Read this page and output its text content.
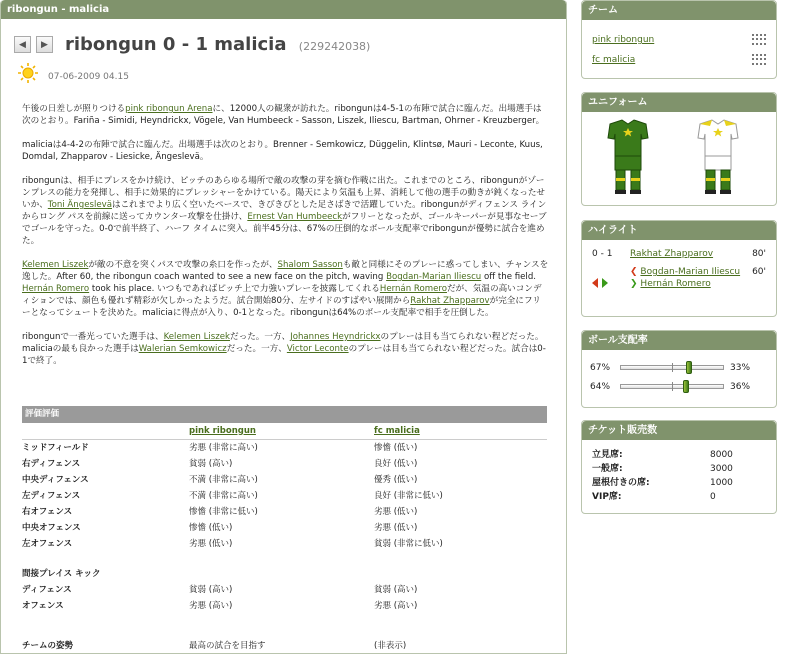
ribongun - malicia
◀ ▶ ribongun 0 - 1 malicia (229242038)
07-06-2009 04.15

午後の日差しが照りつけるpink ribongun Arenaに、12000人の観衆が訪れた。ribongunは4-5-1の布陣で試合に臨んだ。出場選手は次のとおり。Fariña - Simidi, Heyndrickx, Vögele, Van Humbeeck - Sasson, Liszek, Iliescu, Bartman, Ohrner - Kreuzberger。

maliciaは4-4-2の布陣で試合に臨んだ。出場選手は次のとおり。Brenner - Semkowicz, Düggelin, Klintsø, Mauri - Leconte, Kuus, Domdal, Zhapparov - Liesicke, Ängeslevä。

ribongunは、相手にプレスをかけ続け、ピッチのあらゆる場所で敵の攻撃の芽を摘む作戦に出た。これまでのところ、ribongunがゾーンプレスの能力を発揮し、相手に効果的にプレッシャーをかけている。陽天により気温も上昇、消耗して他の選手の動きが鈍くなったせいか、Toni Ängesleväはこれまでより広く空いたペースで、きびきびとした足さばきで活躍していた。ribongunがディフェンス ラインからロング パスを前線に送ってカウンター攻撃を仕掛け、Ernest Van Humbeeckがフリーとなったが、ゴールキーパーが見事なセーブでゴールを守った。0-0で前半終了、ハーフ タイムに突入。前半45分は、67%の圧倒的なボール支配率でribongunが優勢に試合を進めた。

Kelemen Liszekが敵の不意を突くパスで攻撃の糸口を作ったが、Shalom Sassonも敵と同様にそのプレーに惑ってしまい、チャンスを逸した。After 60, the ribongun coach wanted to see a new face on the pitch, waving Bogdan-Marian Iliescu off the field. Hernán Romero took his place. いつもであればピッチ上で力強いプレーを披露してくれるHernán Romeroだが、気温の高いコンディションでは、顔色も優れず精彩が欠しかったようだ。試合開始80分、左サイドのすばやい展開からRakhat Zhapparovが完全にフリーとなってシュートを決めた。maliciaに得点が入り、0-1となった。ribongunは64%のボール支配率で相手を圧倒した。

ribongunで一番光っていた選手は、Kelemen Liszekだった。一方、Johannes Heyndrickxのプレーは目も当てられない程どだった。maliciaの最も良かった選手はWalerian Semkowiczだった。一方、Victor Leconteのプレーは目も当てられない程どだった。試合は0-1で終了。

評価評価
	pink ribongun	fc malicia
ミッドフィールド	劣悪 (非常に高い)	惨憺 (低い)
右ディフェンス	貧弱 (高い)	良好 (低い)
中央ディフェンス	不満 (非常に高い)	優秀 (低い)
左ディフェンス	不満 (非常に高い)	良好 (非常に低い)
右オフェンス	惨憺 (非常に低い)	劣悪 (低い)
中央オフェンス	惨憺 (低い)	劣悪 (低い)
左オフェンス	劣悪 (低い)	貧弱 (非常に低い)

間接プレイス キック		
ディフェンス	貧弱 (高い)	貧弱 (高い)
オフェンス	劣悪 (高い)	劣悪 (高い)

チームの姿勢	最高の試合を目指す	(非表示)
チーム
pink ribongun
fc malicia
ユニフォーム
ハイライト
0 - 1	Rakhat Zhapparov	80'
❮ Bogdan-Marian Iliescu 60'
❯ Hernán Romero
ボール支配率
67%	33%
64%	36%
チケット販売数
立見席:	8000
一般席:	3000
屋根付きの席:	1000
VIP席:	0
